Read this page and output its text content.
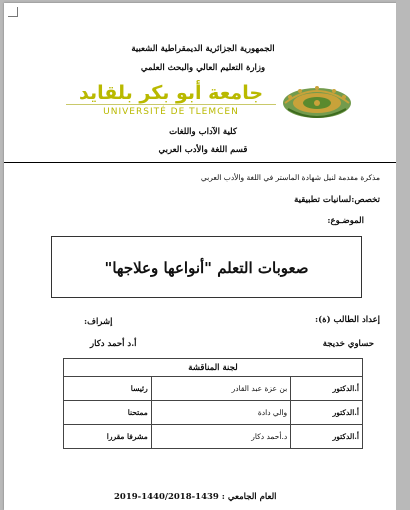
الجمهورية الجزائرية الديمقراطية الشعبية
وزارة التعليم العالي والبحث العلمي
جامعة أبو بكر بلقايد
UNIVERSITÉ DE TLEMCEN
كلية الآداب واللغات
قسم اللغة والأدب العربي
مذكرة مقدمة لنيل شهادة الماستر في اللغة والأدب العربي
تخصص:لسانيات تطبيقية
الموضـوع:
صعوبات التعلم "أنواعها وعلاجها"
إعداد الطالب (ة):
إشراف:
حساوي خديجة
أ.د أحمد دكار
لجنة المناقشة		
أ.الدكتور	بن عزة عبد القادر	رئيسا
أ.الدكتور	والي دادة	ممتحنا
أ.الدكتور	د.أحمد دكار	مشرفا مقررا
العام الجامعي : 1439-1440/2018-2019
